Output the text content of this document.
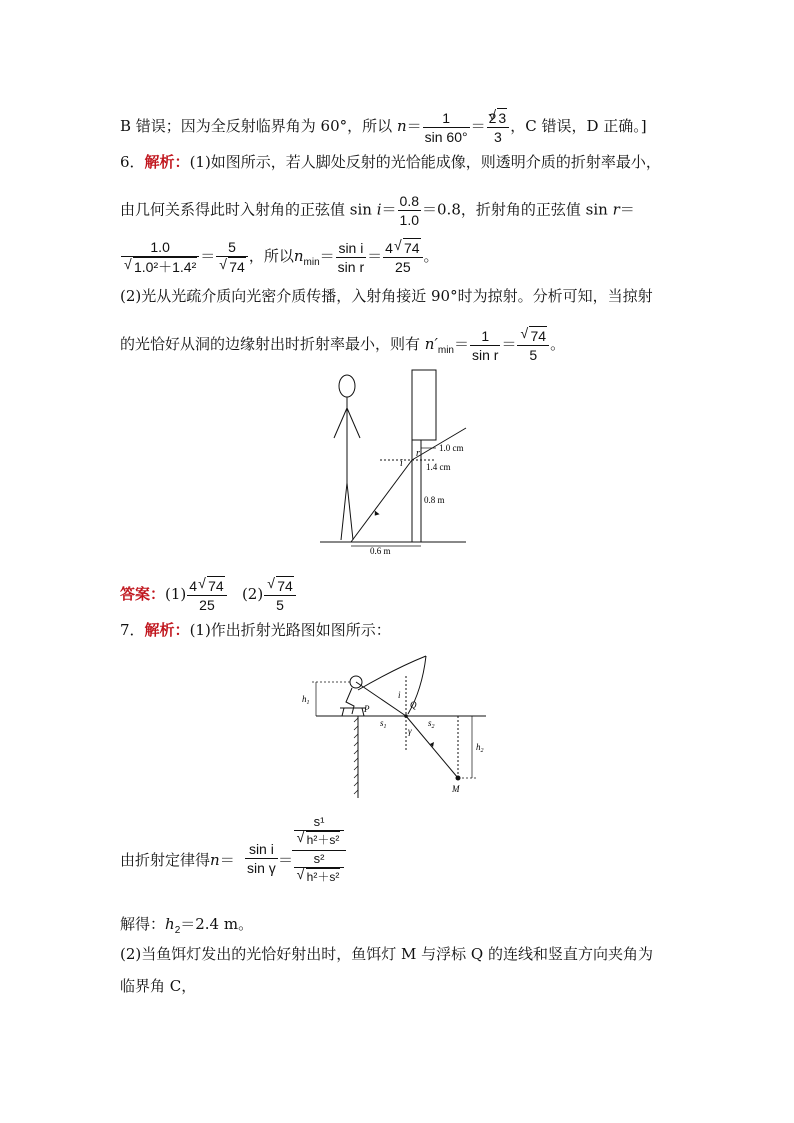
B 错误；因为全反射临界角为 60°，所以 $n= \frac{1}{\sin 60^\circ} = \frac{2 √ 3}{3}$ ，C 错误，D 正确。]
6．解析：(1)如图所示，若人脚处反射的光恰能成像，则透明介质的折射率最小，
由几何关系得此时入射角的正弦值 $\sin i= \frac{0.8}{1.0} =0.8$，折射角的正弦值 sin r＝
1.0
√ 1.0²＋1.4² ＝ 5
√ 74 ，所以$n_{min}= \frac{\text{sin i}}{\text{sin r}} = \frac{4 √ 74}{25}$ 。
(2)光从光疏介质向光密介质传播，入射角接近 90°时为掠射。分析可知，当掠射
的光恰好从洞的边缘射出时折射率最小，则有 $n'_{min}= \frac{1}{\text{sin r}}$ ＝ √ $\frac{74}{5}$ 。
1.0 cm
1.4 cm
0.8 m
0.6 m
i
r
答案：$(1) \frac{4 √ 74}{25} (2)$ √ $\frac{74}{5}$
7．解析：(1)作出折射光路图如图所示：
$h_1$
$h_2$
P	Q
i
$s_1$	$s_2$
γ
M
由折射定律得$n= \frac{\text{sin i}}{\text{sin γ}}$ ＝
s¹
√ h²＋s²
s²
√ h²＋s²
解得：$h_2=2.4$ m。
(2)当鱼饵灯发出的光恰好射出时，鱼饵灯 M 与浮标 Q 的连线和竖直方向夹角为
临界角 C，
